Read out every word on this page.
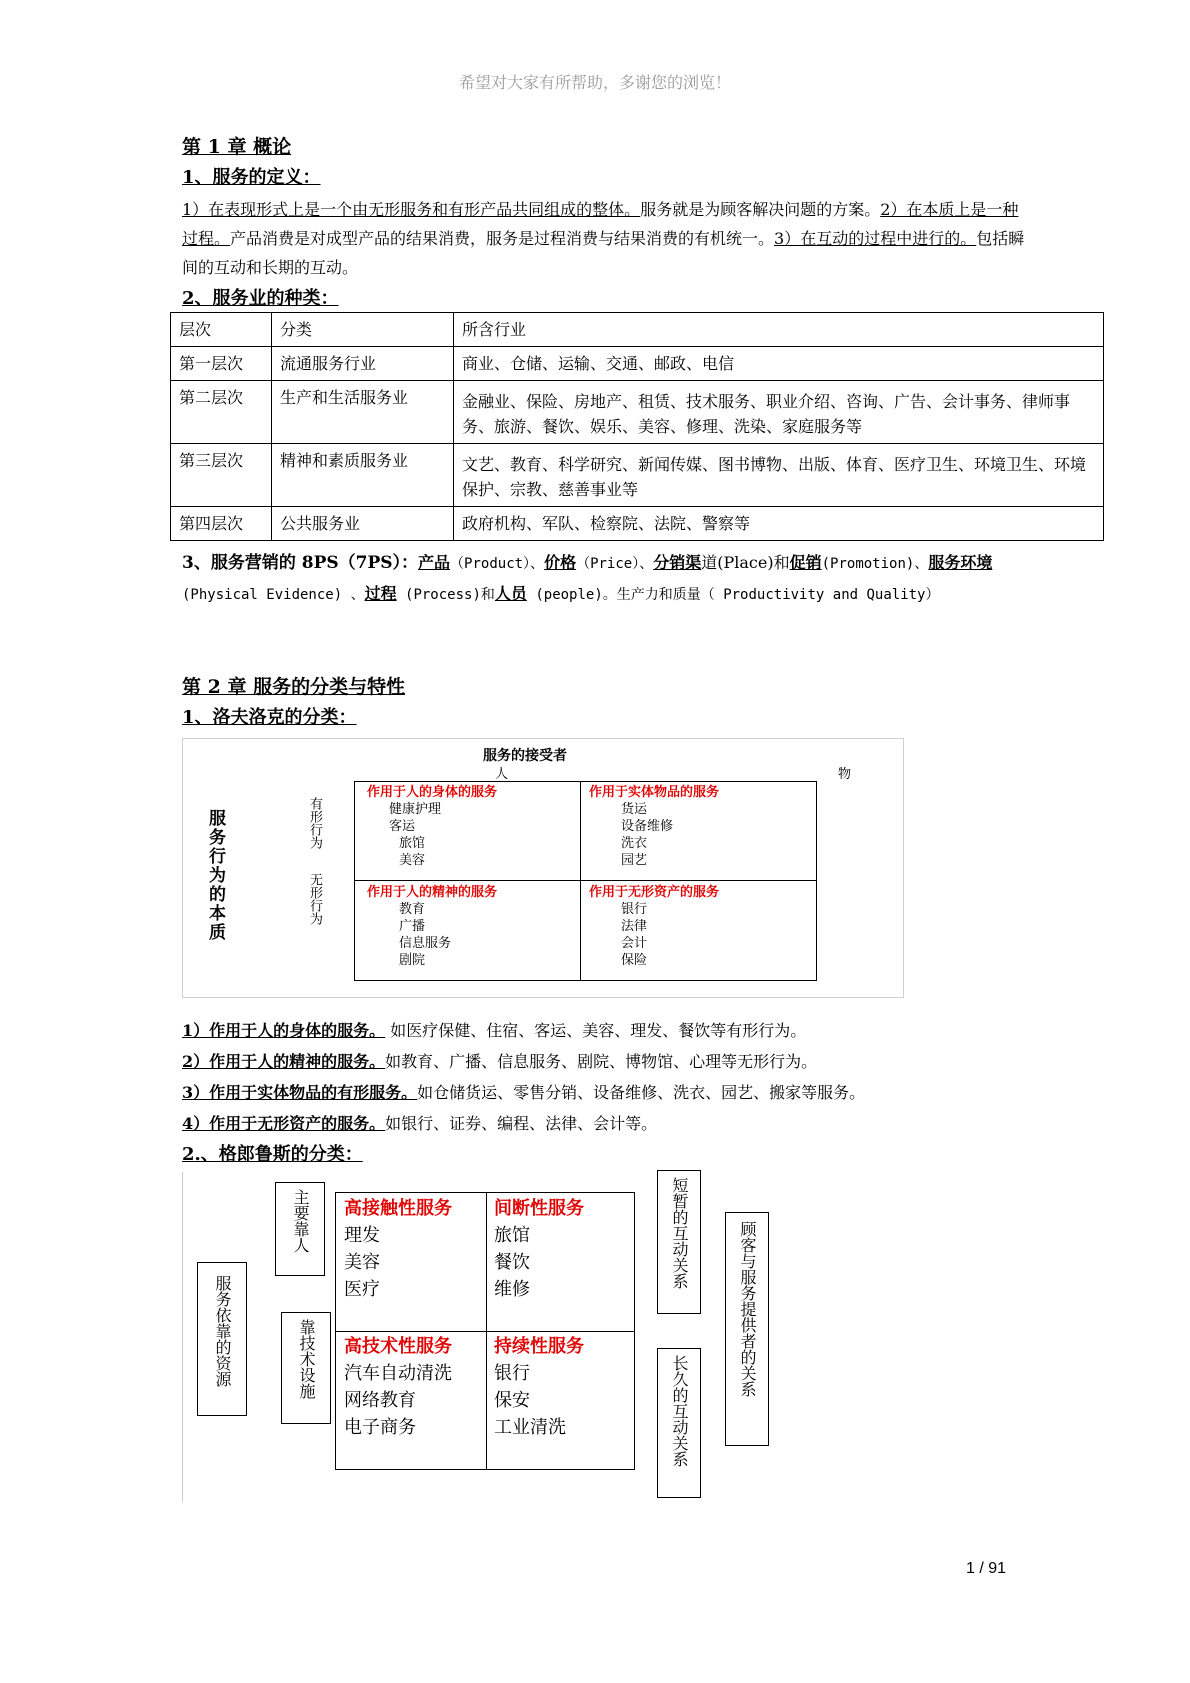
希望对大家有所帮助，多谢您的浏览！
第 1 章 概论
1、服务的定义：
1）在表现形式上是一个由无形服务和有形产品共同组成的整体。服务就是为顾客解决问题的方案。2）在本质上是一种过程。产品消费是对成型产品的结果消费，服务是过程消费与结果消费的有机统一。3）在互动的过程中进行的。包括瞬间的互动和长期的互动。
2、服务业的种类：
层次	分类	所含行业
第一层次	流通服务行业	商业、仓储、运输、交通、邮政、电信
第二层次	生产和生活服务业	金融业、保险、房地产、租赁、技术服务、职业介绍、咨询、广告、会计事务、律师事务、旅游、餐饮、娱乐、美容、修理、洗染、家庭服务等
第三层次	精神和素质服务业	文艺、教育、科学研究、新闻传媒、图书博物、出版、体育、医疗卫生、环境卫生、环境保护、宗教、慈善事业等
第四层次	公共服务业	政府机构、军队、检察院、法院、警察等
3、服务营销的 8PS（7PS）：产品（Product）、价格（Price）、分销渠道(Place)和促销(Promotion)、服务环境 (Physical Evidence) 、过程 (Process)和人员 (people)。生产力和质量（ Productivity and Quality）
第 2 章 服务的分类与特性
1、洛夫洛克的分类：
服务的接受者
人	物
服务行为的本质	有形行为
无形行为
作用于人的身体的服务
健康护理
客运
旅馆
美容
作用于实体物品的服务
货运
设备维修
洗衣
园艺
作用于人的精神的服务
教育
广播
信息服务
剧院
作用于无形资产的服务
银行
法律
会计
保险
1）作用于人的身体的服务。 如医疗保健、住宿、客运、美容、理发、餐饮等有形行为。
2）作用于人的精神的服务。如教育、广播、信息服务、剧院、博物馆、心理等无形行为。
3）作用于实体物品的有形服务。如仓储货运、零售分销、设备维修、洗衣、园艺、搬家等服务。
4）作用于无形资产的服务。如银行、证券、编程、法律、会计等。
2.、格郎鲁斯的分类：
服务依靠的资源
主要靠人
靠技术设施
高接触性服务
理发
美容
医疗
间断性服务
旅馆
餐饮
维修
高技术性服务
汽车自动清洗
网络教育
电子商务
持续性服务
银行
保安
工业清洗
短暂的互动关系
长久的互动关系
顾客与服务提供者的关系
1 / 91
